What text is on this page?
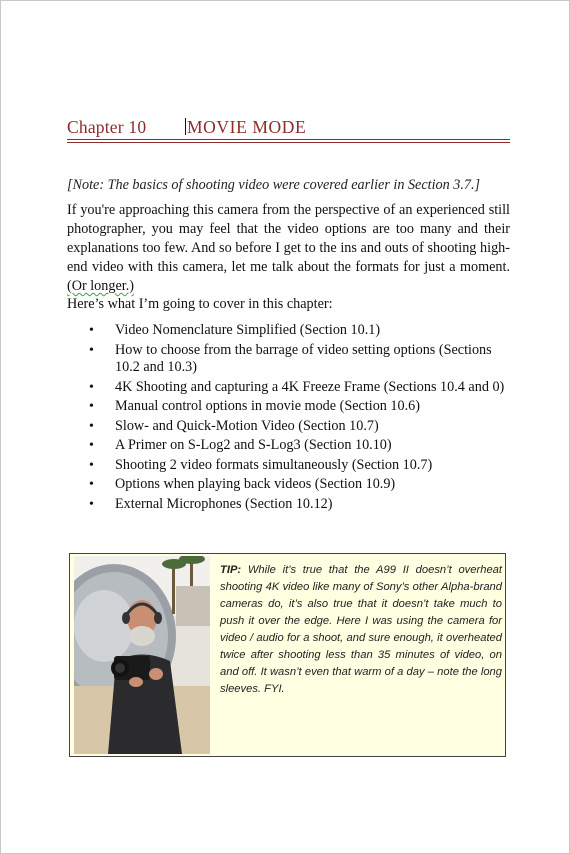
Chapter 10 MOVIE MODE
[Note: The basics of shooting video were covered earlier in Section 3.7.]
If you're approaching this camera from the perspective of an experienced still photographer, you may feel that the video options are too many and their explanations too few. And so before I get to the ins and outs of shooting high-end video with this camera, let me talk about the formats for just a moment. (Or longer.)
Here’s what I’m going to cover in this chapter:
• Video Nomenclature Simplified (Section 10.1)
• How to choose from the barrage of video setting options (Sections 10.2 and 10.3)
• 4K Shooting and capturing a 4K Freeze Frame (Sections 10.4 and 0)
• Manual control options in movie mode (Section 10.6)
• Slow- and Quick-Motion Video (Section 10.7)
• A Primer on S-Log2 and S-Log3 (Section 10.10)
• Shooting 2 video formats simultaneously (Section 10.7)
• Options when playing back videos (Section 10.9)
• External Microphones (Section 10.12)
TIP: While it’s true that the A99 II doesn’t overheat shooting 4K video like many of Sony’s other Alpha-brand cameras do, it’s also true that it doesn’t take much to push it over the edge. Here I was using the camera for video / audio for a shoot, and sure enough, it overheated twice after shooting less than 35 minutes of video, on and off. It wasn’t even that warm of a day – note the long sleeves. FYI.
